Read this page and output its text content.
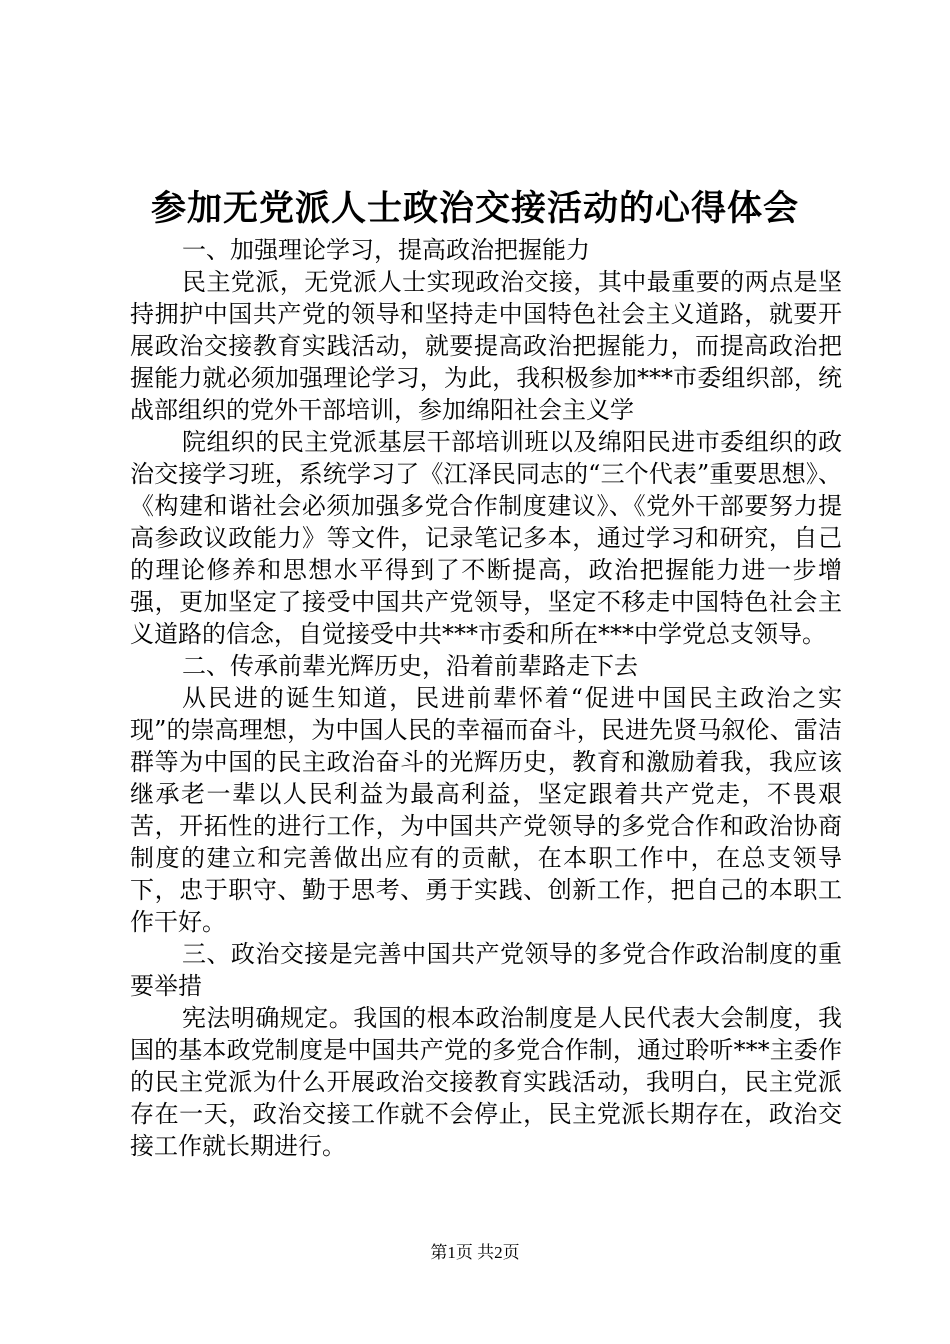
参加无党派人士政治交接活动的心得体会

一、加强理论学习，提高政治把握能力

民主党派，无党派人士实现政治交接，其中最重要的两点是坚持拥护中国共产党的领导和坚持走中国特色社会主义道路，就要开展政治交接教育实践活动，就要提高政治把握能力，而提高政治把握能力就必须加强理论学习，为此，我积极参加***市委组织部，统战部组织的党外干部培训，参加绵阳社会主义学

院组织的民主党派基层干部培训班以及绵阳民进市委组织的政治交接学习班，系统学习了《江泽民同志的“三个代表”重要思想》、《构建和谐社会必须加强多党合作制度建议》、《党外干部要努力提高参政议政能力》等文件，记录笔记多本，通过学习和研究，自己的理论修养和思想水平得到了不断提高，政治把握能力进一步增强，更加坚定了接受中国共产党领导，坚定不移走中国特色社会主义道路的信念，自觉接受中共***市委和所在***中学党总支领导。

二、传承前辈光辉历史，沿着前辈路走下去

从民进的诞生知道，民进前辈怀着“促进中国民主政治之实现”的崇高理想，为中国人民的幸福而奋斗，民进先贤马叙伦、雷洁群等为中国的民主政治奋斗的光辉历史，教育和激励着我，我应该继承老一辈以人民利益为最高利益，坚定跟着共产党走，不畏艰苦，开拓性的进行工作，为中国共产党领导的多党合作和政治协商制度的建立和完善做出应有的贡献，在本职工作中，在总支领导下，忠于职守、勤于思考、勇于实践、创新工作，把自己的本职工作干好。

三、政治交接是完善中国共产党领导的多党合作政治制度的重要举措

宪法明确规定。我国的根本政治制度是人民代表大会制度，我国的基本政党制度是中国共产党的多党合作制，通过聆听***主委作的民主党派为什么开展政治交接教育实践活动，我明白，民主党派存在一天，政治交接工作就不会停止，民主党派长期存在，政治交接工作就长期进行。

第1页 共2页
